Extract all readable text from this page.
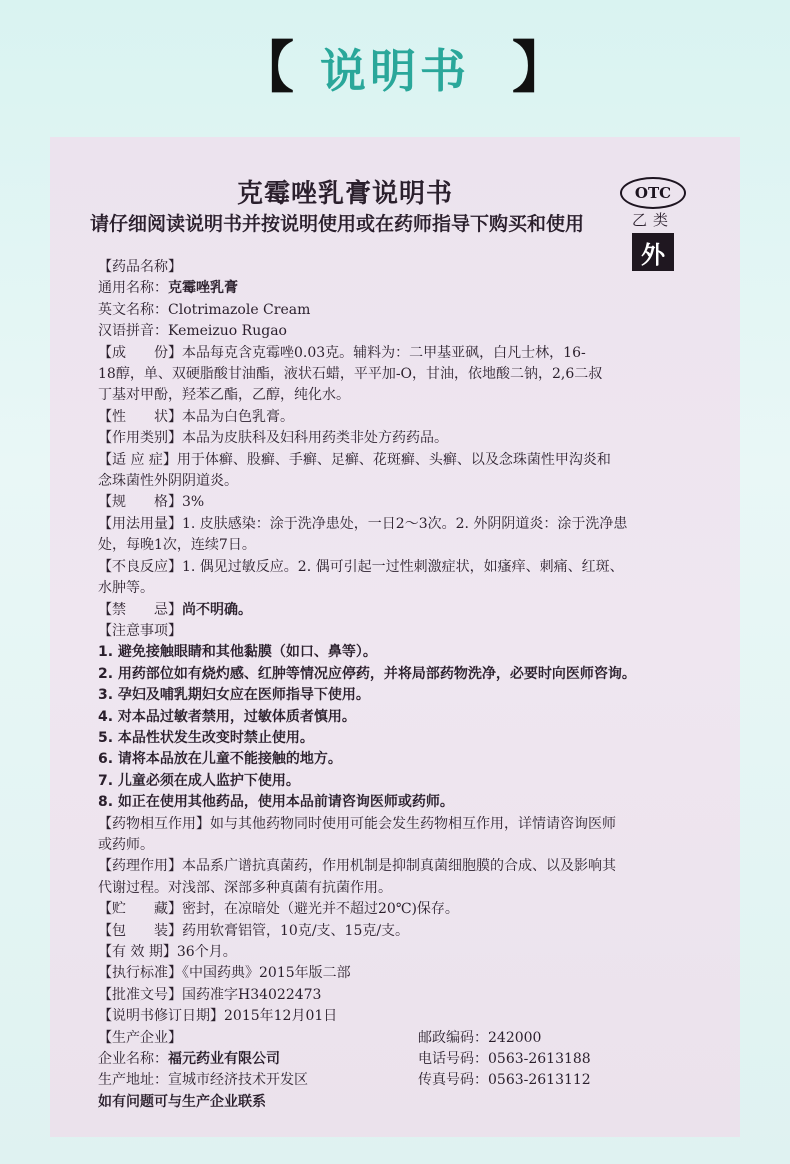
【 说明书 】
克霉唑乳膏说明书
请仔细阅读说明书并按说明使用或在药师指导下购买和使用
OTC
乙类
外
【药品名称】
通用名称：克霉唑乳膏
英文名称：Clotrimazole Cream
汉语拼音：Kemeizuo Rugao
【成　　份】本品每克含克霉唑0.03克。辅料为：二甲基亚砜，白凡士林，16-
18醇，单、双硬脂酸甘油酯，液状石蜡，平平加-O，甘油，依地酸二钠，2,6二叔
丁基对甲酚，羟苯乙酯，乙醇，纯化水。
【性　　状】本品为白色乳膏。
【作用类别】本品为皮肤科及妇科用药类非处方药药品。
【适 应 症】用于体癣、股癣、手癣、足癣、花斑癣、头癣、以及念珠菌性甲沟炎和
念珠菌性外阴阴道炎。
【规　　格】3%
【用法用量】1. 皮肤感染：涂于洗净患处，一日2～3次。2. 外阴阴道炎：涂于洗净患
处，每晚1次，连续7日。
【不良反应】1. 偶见过敏反应。2. 偶可引起一过性刺激症状，如瘙痒、刺痛、红斑、
水肿等。
【禁　　忌】尚不明确。
【注意事项】
1. 避免接触眼睛和其他黏膜（如口、鼻等）。
2. 用药部位如有烧灼感、红肿等情况应停药，并将局部药物洗净，必要时向医师咨询。
3. 孕妇及哺乳期妇女应在医师指导下使用。
4. 对本品过敏者禁用，过敏体质者慎用。
5. 本品性状发生改变时禁止使用。
6. 请将本品放在儿童不能接触的地方。
7. 儿童必须在成人监护下使用。
8. 如正在使用其他药品，使用本品前请咨询医师或药师。
【药物相互作用】如与其他药物同时使用可能会发生药物相互作用，详情请咨询医师
或药师。
【药理作用】本品系广谱抗真菌药，作用机制是抑制真菌细胞膜的合成、以及影响其
代谢过程。对浅部、深部多种真菌有抗菌作用。
【贮　　藏】密封，在凉暗处（避光并不超过20℃)保存。
【包　　装】药用软膏铝管，10克/支、15克/支。
【有 效 期】36个月。
【执行标准】《中国药典》2015年版二部
【批准文号】国药准字H34022473
【说明书修订日期】2015年12月01日
【生产企业】	邮政编码：242000
企业名称：福元药业有限公司	电话号码：0563-2613188
生产地址：宣城市经济技术开发区	传真号码：0563-2613112
如有问题可与生产企业联系
